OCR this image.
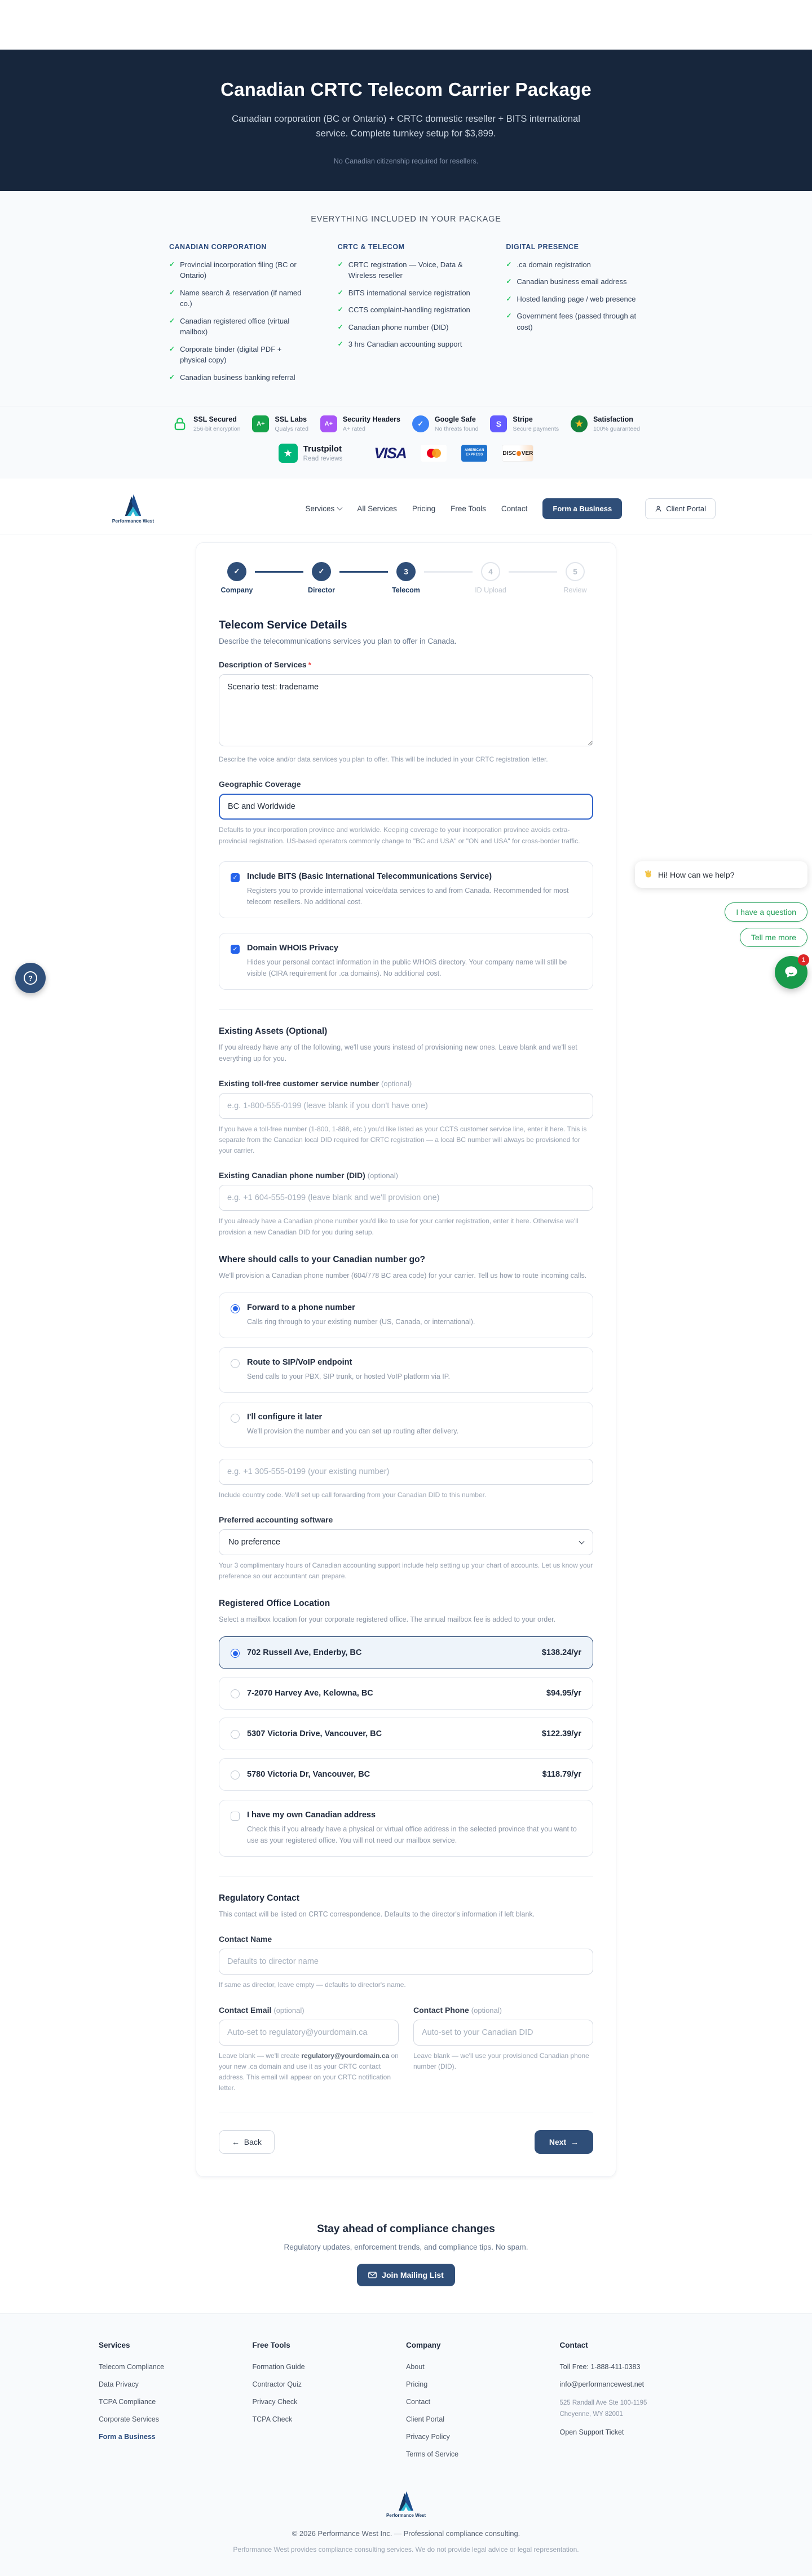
Canadian CRTC Telecom Carrier Package

Canadian corporation (BC or Ontario) + CRTC domestic reseller + BITS international service. Complete turnkey setup for $3,899.

No Canadian citizenship required for resellers.

EVERYTHING INCLUDED IN YOUR PACKAGE
CANADIAN CORPORATION
✓ Provincial incorporation filing (BC or Ontario)
✓ Name search & reservation (if named co.)
✓ Canadian registered office (virtual mailbox)
✓ Corporate binder (digital PDF + physical copy)
✓ Canadian business banking referral
CRTC & TELECOM
✓ CRTC registration — Voice, Data & Wireless reseller
✓ BITS international service registration
✓ CCTS complaint-handling registration
✓ Canadian phone number (DID)
✓ 3 hrs Canadian accounting support
DIGITAL PRESENCE
✓ .ca domain registration
✓ Canadian business email address
✓ Hosted landing page / web presence
✓ Government fees (passed through at cost)
SSL Secured
256-bit encryption
A+
SSL Labs
Qualys rated
A+
Security Headers
A+ rated
✓	Google Safe
No threats found
S	Stripe
Secure payments ★ Satisfaction
100% guaranteed
★	Trustpilot
Read reviews VISA	AMERICAN
EXPRESS	DISC VER
Performance West
Services	All Services Pricing Free Tools Contact	Form a Business	Client Portal
✓
Company
✓
Director
3
Telecom
4
ID Upload
5
Review
Telecom Service Details

Describe the telecommunications services you plan to offer in Canada.

Description of Services *
Scenario test: tradename

Describe the voice and/or data services you plan to offer. This will be included in your CRTC registration letter.

Geographic Coverage
BC and Worldwide

Defaults to your incorporation province and worldwide. Keeping coverage to your incorporation province avoids extra-provincial registration. US-based operators commonly change to "BC and USA" or "ON and USA" for cross-border traffic.

✓ Include BITS (Basic International Telecommunications Service)
Registers you to provide international voice/data services to and from Canada. Recommended for most telecom resellers. No additional cost.
✓ Domain WHOIS Privacy
Hides your personal contact information in the public WHOIS directory. Your company name will still be visible (CIRA requirement for .ca domains). No additional cost.
Existing Assets (Optional)

If you already have any of the following, we'll use yours instead of provisioning new ones. Leave blank and we'll set everything up for you.

Existing toll-free customer service number (optional)
e.g. 1-800-555-0199 (leave blank if you don't have one)

If you have a toll-free number (1-800, 1-888, etc.) you'd like listed as your CCTS customer service line, enter it here. This is separate from the Canadian local DID required for CRTC registration — a local BC number will always be provisioned for your carrier.

Existing Canadian phone number (DID) (optional)
e.g. +1 604-555-0199 (leave blank and we'll provision one)

If you already have a Canadian phone number you'd like to use for your carrier registration, enter it here. Otherwise we'll provision a new Canadian DID for you during setup.

Where should calls to your Canadian number go?

We'll provision a Canadian phone number (604/778 BC area code) for your carrier. Tell us how to route incoming calls.

Forward to a phone number
Calls ring through to your existing number (US, Canada, or international).
Route to SIP/VoIP endpoint
Send calls to your PBX, SIP trunk, or hosted VoIP platform via IP.
I'll configure it later
We'll provision the number and you can set up routing after delivery.
e.g. +1 305-555-0199 (your existing number)

Include country code. We'll set up call forwarding from your Canadian DID to this number.

Preferred accounting software
No preference

Your 3 complimentary hours of Canadian accounting support include help setting up your chart of accounts. Let us know your preference so our accountant can prepare.

Registered Office Location

Select a mailbox location for your corporate registered office. The annual mailbox fee is added to your order.

702 Russell Ave, Enderby, BC	$138.24/yr
7-2070 Harvey Ave, Kelowna, BC	$94.95/yr
5307 Victoria Drive, Vancouver, BC	$122.39/yr
5780 Victoria Dr, Vancouver, BC	$118.79/yr
I have my own Canadian address
Check this if you already have a physical or virtual office address in the selected province that you want to use as your registered office. You will not need our mailbox service.
Regulatory Contact

This contact will be listed on CRTC correspondence. Defaults to the director's information if left blank.

Contact Name
Defaults to director name

If same as director, leave empty — defaults to director's name.

Contact Email (optional)
Auto-set to regulatory@yourdomain.ca

Leave blank — we'll create regulatory@yourdomain.ca on your new .ca domain and use it as your CRTC contact address. This email will appear on your CRTC notification letter.

Contact Phone (optional)
Auto-set to your Canadian DID

Leave blank — we'll use your provisioned Canadian phone number (DID).

← Back	Next →
Stay ahead of compliance changes

Regulatory updates, enforcement trends, and compliance tips. No spam.

Join Mailing List
Services
Telecom Compliance
Data Privacy
TCPA Compliance
Corporate Services
Form a Business
Free Tools
Formation Guide
Contractor Quiz
Privacy Check
TCPA Check
Company
About
Pricing
Contact
Client Portal
Privacy Policy
Terms of Service
Contact
Toll Free: 1-888-411-0383
info@performancewest.net
525 Randall Ave Ste 100-1195
Cheyenne, WY 82001
Open Support Ticket
Performance West
© 2026 Performance West Inc. — Professional compliance consulting.
Performance West provides compliance consulting services. We do not provide legal advice or legal representation.
?
Hi! How can we help?
I have a question
Tell me more
1
